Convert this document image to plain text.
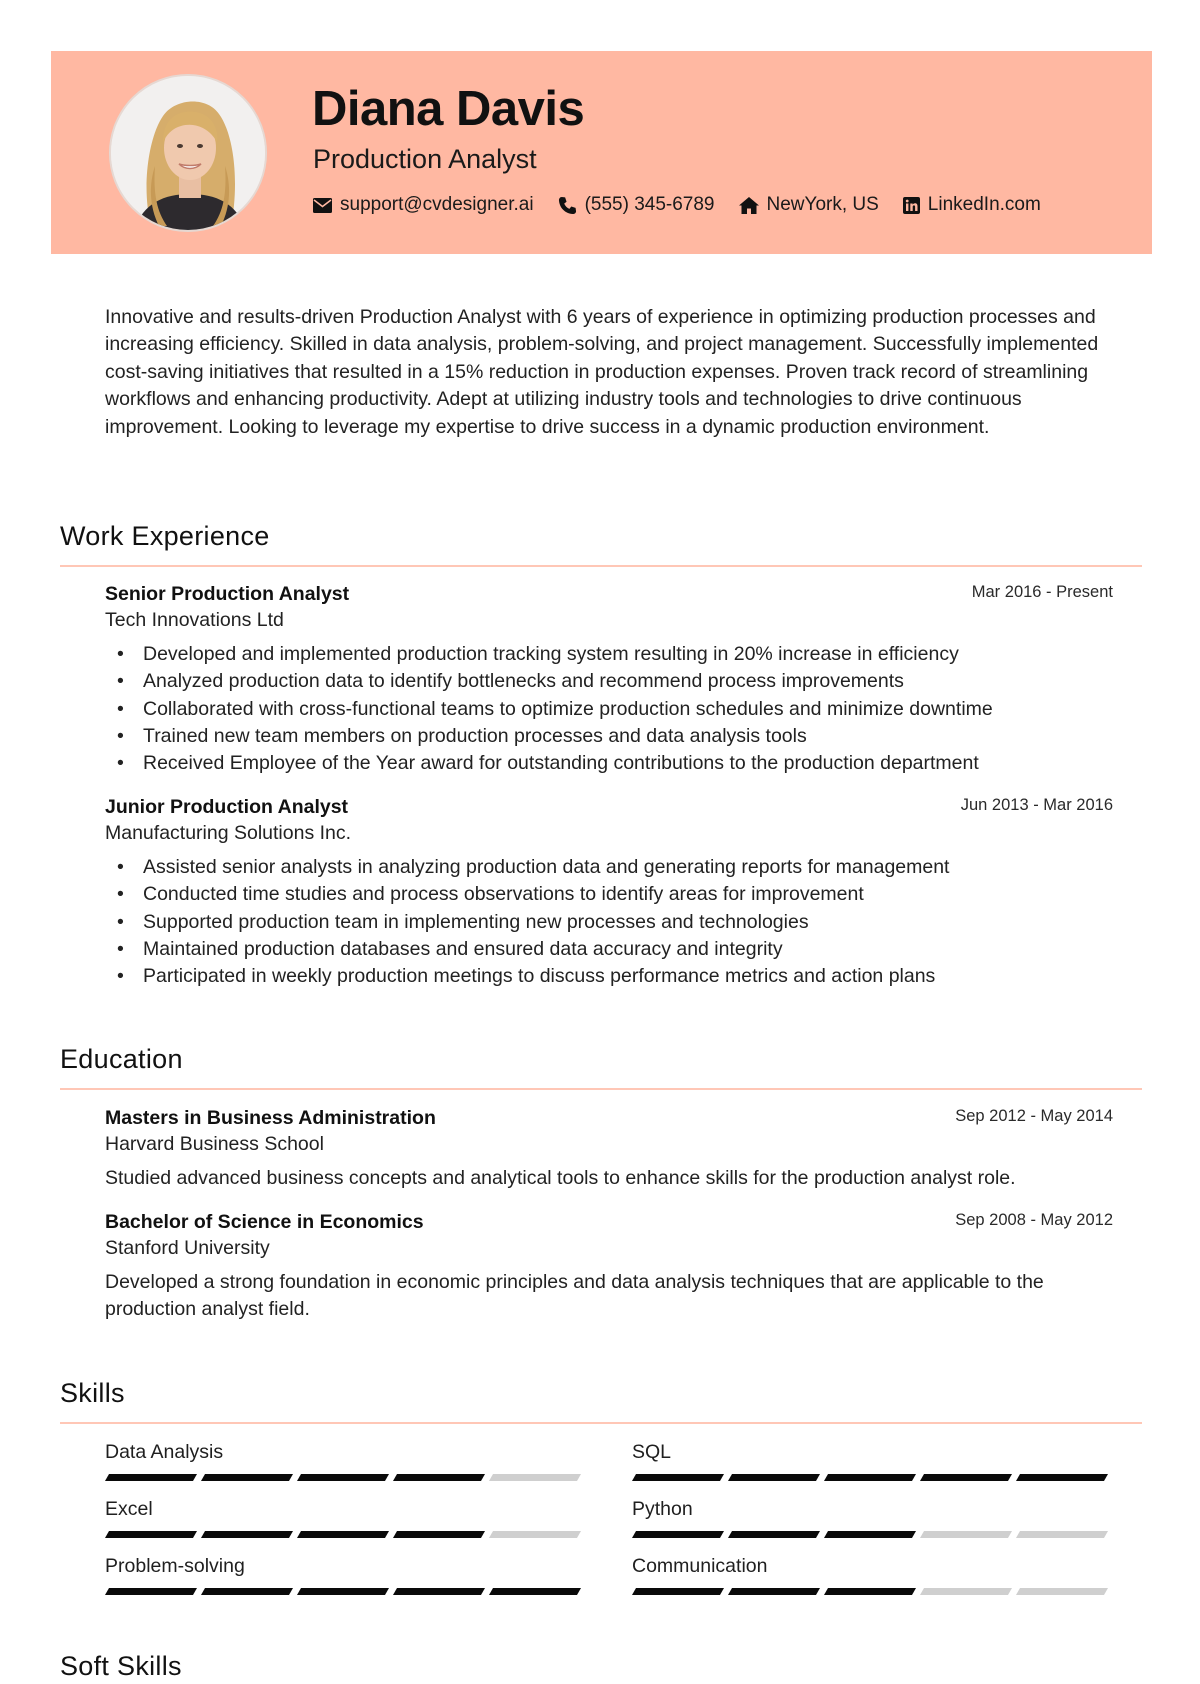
Diana Davis
Production Analyst
support@cvdesigner.ai	(555) 345-6789	NewYork, US	LinkedIn.com
Innovative and results-driven Production Analyst with 6 years of experience in optimizing production processes and increasing efficiency. Skilled in data analysis, problem-solving, and project management. Successfully implemented cost-saving initiatives that resulted in a 15% reduction in production expenses. Proven track record of streamlining workflows and enhancing productivity. Adept at utilizing industry tools and technologies to drive continuous improvement. Looking to leverage my expertise to drive success in a dynamic production environment.
Work Experience
Senior Production Analyst	Mar 2016 - Present
Tech Innovations Ltd
• Developed and implemented production tracking system resulting in 20% increase in efficiency
• Analyzed production data to identify bottlenecks and recommend process improvements
• Collaborated with cross-functional teams to optimize production schedules and minimize downtime
• Trained new team members on production processes and data analysis tools
• Received Employee of the Year award for outstanding contributions to the production department
Junior Production Analyst	Jun 2013 - Mar 2016
Manufacturing Solutions Inc.
• Assisted senior analysts in analyzing production data and generating reports for management
• Conducted time studies and process observations to identify areas for improvement
• Supported production team in implementing new processes and technologies
• Maintained production databases and ensured data accuracy and integrity
• Participated in weekly production meetings to discuss performance metrics and action plans
Education
Masters in Business Administration	Sep 2012 - May 2014
Harvard Business School
Studied advanced business concepts and analytical tools to enhance skills for the production analyst role.
Bachelor of Science in Economics	Sep 2008 - May 2012
Stanford University
Developed a strong foundation in economic principles and data analysis techniques that are applicable to the production analyst field.
Skills
Data Analysis	SQL
Excel	Python
Problem-solving	Communication
Soft Skills
